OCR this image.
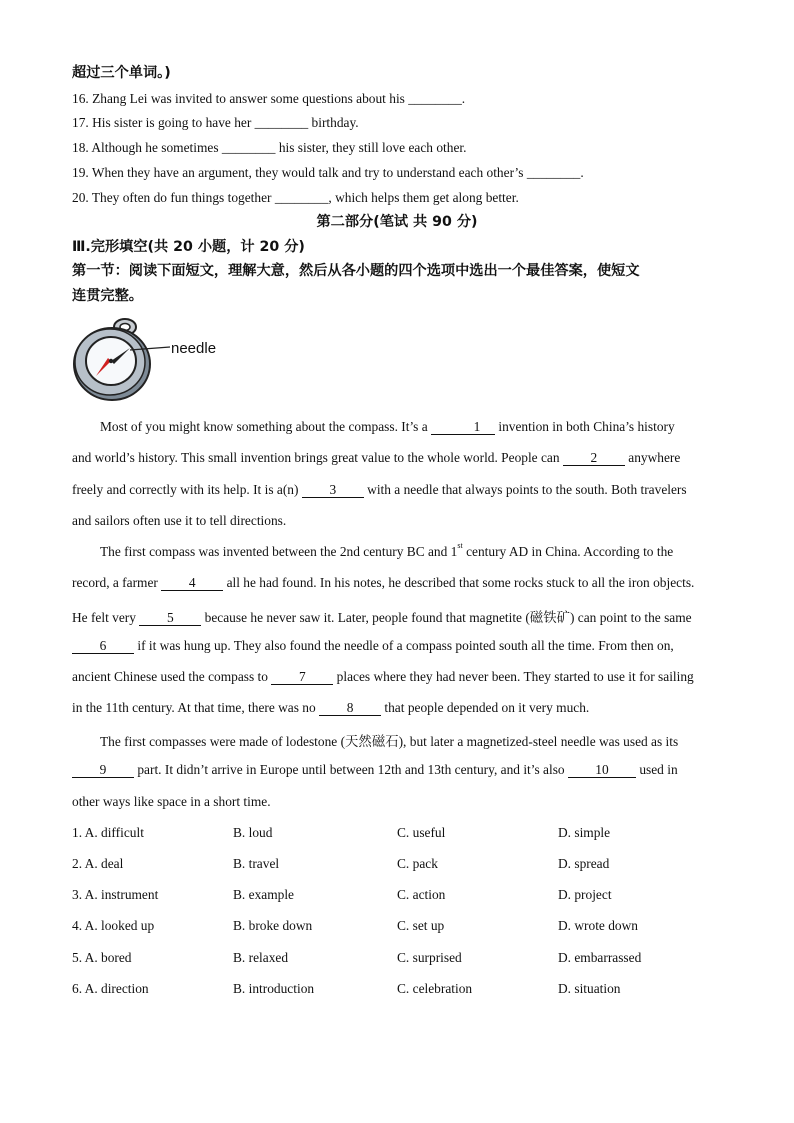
超过三个单词。)
16. Zhang Lei was invited to answer some questions about his ________.
17. His sister is going to have her ________ birthday.
18. Although he sometimes ________ his sister, they still love each other.
19. When they have an argument, they would talk and try to understand each other’s ________.
20. They often do fun things together ________, which helps them get along better.
第二部分(笔试 共 90 分)
Ⅲ.完形填空(共 20 小题，计 20 分)
第一节：阅读下面短文，理解大意，然后从各小题的四个选项中选出一个最佳答案，使短文
连贯完整。
needle
Most of you might know something about the compass. It’s a	1 invention in both China’s history
and world’s history. This small invention brings great value to the whole world. People can 2 anywhere
freely and correctly with its help. It is a(n) 3 with a needle that always points to the south. Both travelers
and sailors often use it to tell directions.
The first compass was invented between the 2nd century BC and 1st century AD in China. According to the
record, a farmer 4 all he had found. In his notes, he described that some rocks stuck to all the iron objects.
He felt very 5 because he never saw it. Later, people found that magnetite (磁铁矿) can point to the same
6 if it was hung up. They also found the needle of a compass pointed south all the time. From then on,
ancient Chinese used the compass to 7 places where they had never been. They started to use it for sailing
in the 11th century. At that time, there was no 8 that people depended on it very much.
The first compasses were made of lodestone (天然磁石), but later a magnetized-steel needle was used as its
9 part. It didn’t arrive in Europe until between 12th and 13th century, and it’s also 10 used in
other ways like space in a short time.
1. A. difficult	B. loud	C. useful	D. simple
2. A. deal	B. travel	C. pack	D. spread
3. A. instrument	B. example	C. action	D. project
4. A. looked up	B. broke down	C. set up	D. wrote down
5. A. bored	B. relaxed	C. surprised	D. embarrassed
6. A. direction	B. introduction	C. celebration	D. situation
